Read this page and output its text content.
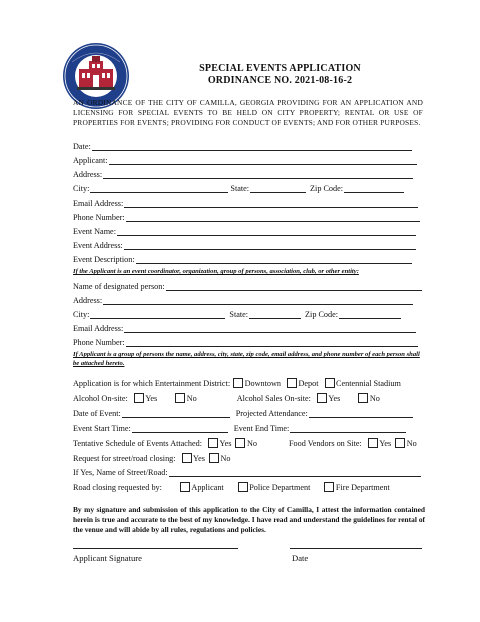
SPECIAL EVENTS APPLICATION
ORDINANCE NO. 2021-08-16-2
AN ORDINANCE OF THE CITY OF CAMILLA, GEORGIA PROVIDING FOR AN APPLICATION AND LICENSING FOR SPECIAL EVENTS TO BE HELD ON CITY PROPERTY; RENTAL OR USE OF PROPERTIES FOR EVENTS; PROVIDING FOR CONDUCT OF EVENTS; AND FOR OTHER PURPOSES.
Date:
Applicant:
Address:
City:	State:	Zip Code:
Email Address:
Phone Number:
Event Name:
Event Address:
Event Description:
If the Applicant is an event coordinator, organization, group of persons, association, club, or other entity:
Name of designated person:
Address:
City:	State:	Zip Code:
Email Address:
Phone Number:
If Applicant is a group of persons the name, address, city, state, zip code, email address, and phone number of each person shall be attached hereto.
Application is for which Entertainment District: Downtown Depot Centennial Stadium
Alcohol On-site: Yes	No	Alcohol Sales On-site: Yes	No
Date of Event:	Projected Attendance:
Event Start Time:	Event End Time:
Tentative Schedule of Events Attached: Yes No	Food Vendors on Site: Yes No
Request for street/road closing: Yes No
If Yes, Name of Street/Road:
Road closing requested by:	Applicant	Police Department	Fire Department
By my signature and submission of this application to the City of Camilla, I attest the information contained herein is true and accurate to the best of my knowledge. I have read and understand the guidelines for rental of the venue and will abide by all rules, regulations and policies.
Applicant Signature	Date
